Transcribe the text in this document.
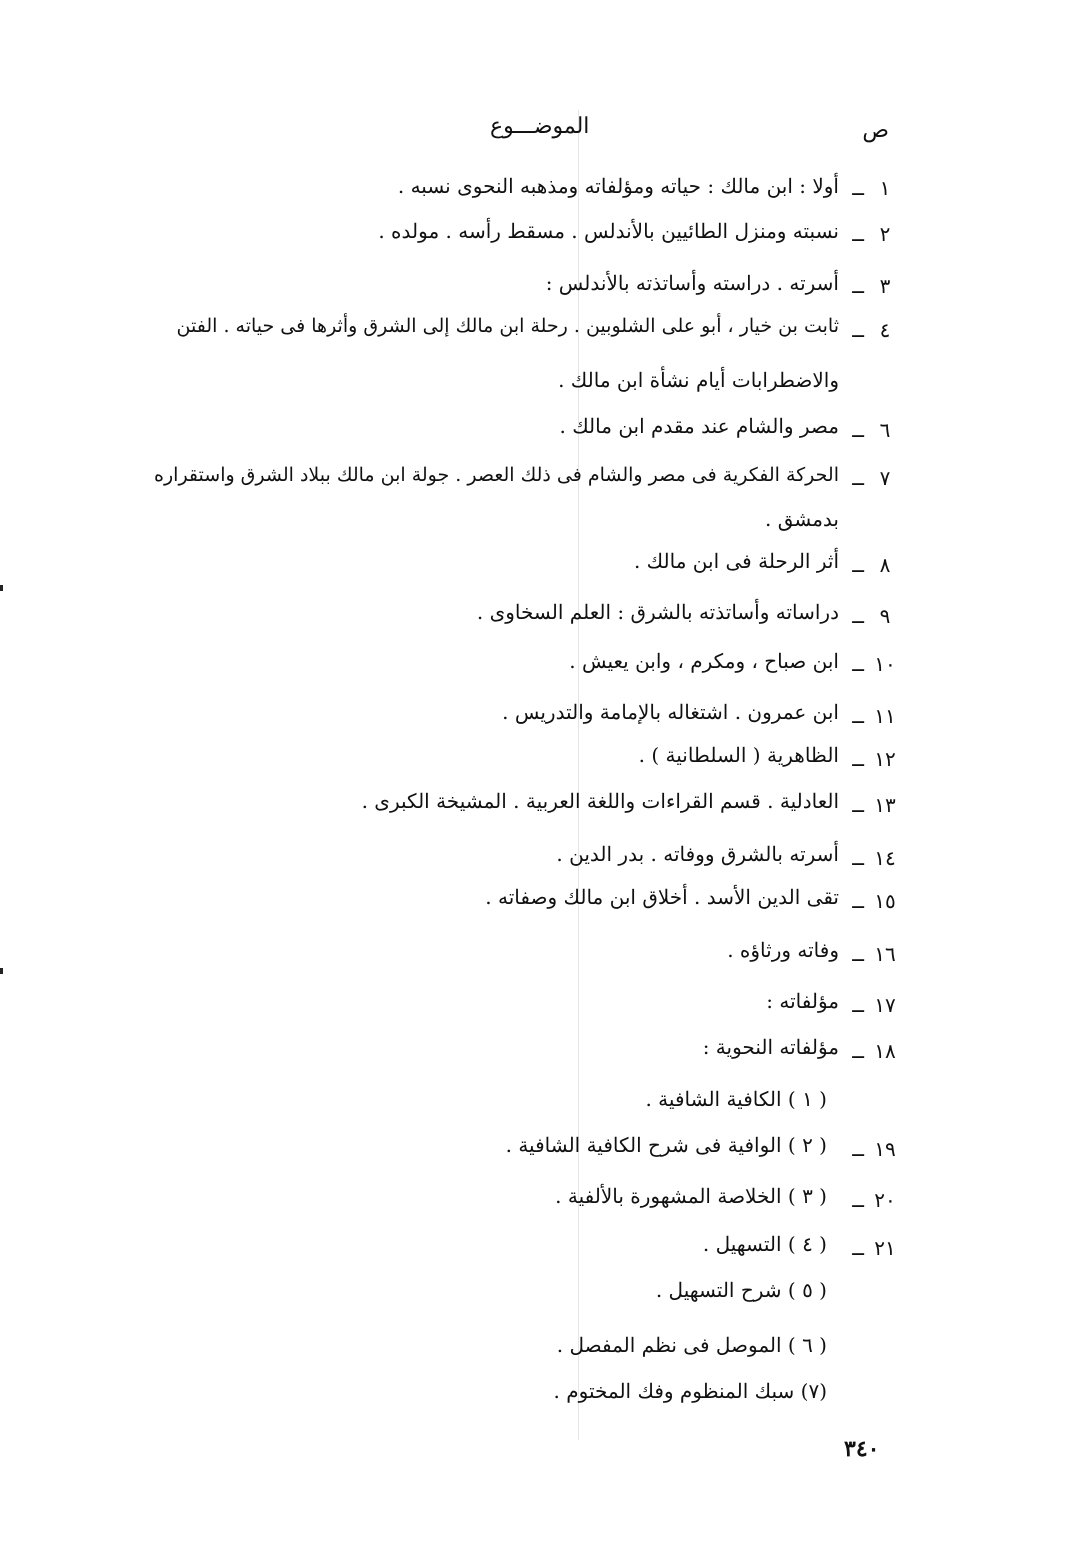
ص
الموضـــوع
١
ــ
أولا : ابن مالك : حياته ومؤلفاته ومذهبه النحوى نسبه .
٢
ــ
نسبته ومنزل الطائيين بالأندلس . مسقط رأسه . مولده .
٣
ــ
أسرته . دراسته وأساتذته بالأندلس :
٤
ــ
ثابت بن خيار ، أبو على الشلوبين . رحلة ابن مالك إلى الشرق وأثرها فى حياته . الفتن
والاضطرابات أيام نشأة ابن مالك .
٦
ــ
مصر والشام عند مقدم ابن مالك .
٧
ــ
الحركة الفكرية فى مصر والشام فى ذلك العصر . جولة ابن مالك ببلاد الشرق واستقراره
بدمشق .
٨
ــ
أثر الرحلة فى ابن مالك .
٩
ــ
دراساته وأساتذته بالشرق : العلم السخاوى .
١٠
ــ
ابن صباح ، ومكرم ، وابن يعيش .
١١
ــ
ابن عمرون . اشتغاله بالإمامة والتدريس .
١٢
ــ
الظاهرية ( السلطانية ) .
١٣
ــ
العادلية . قسم القراءات واللغة العربية . المشيخة الكبرى .
١٤
ــ
أسرته بالشرق ووفاته . بدر الدين .
١٥
ــ
تقى الدين الأسد . أخلاق ابن مالك وصفاته .
١٦
ــ
وفاته ورثاؤه .
١٧
ــ
مؤلفاته :
١٨
ــ
مؤلفاته النحوية :
( ١ ) الكافية الشافية .
١٩
ــ
( ٢ ) الوافية فى شرح الكافية الشافية .
٢٠
ــ
( ٣ ) الخلاصة المشهورة بالألفية .
٢١
ــ
( ٤ ) التسهيل .
( ٥ ) شرح التسهيل .
( ٦ ) الموصل فى نظم المفصل .
(٧) سبك المنظوم وفك المختوم .
٣٤٠
